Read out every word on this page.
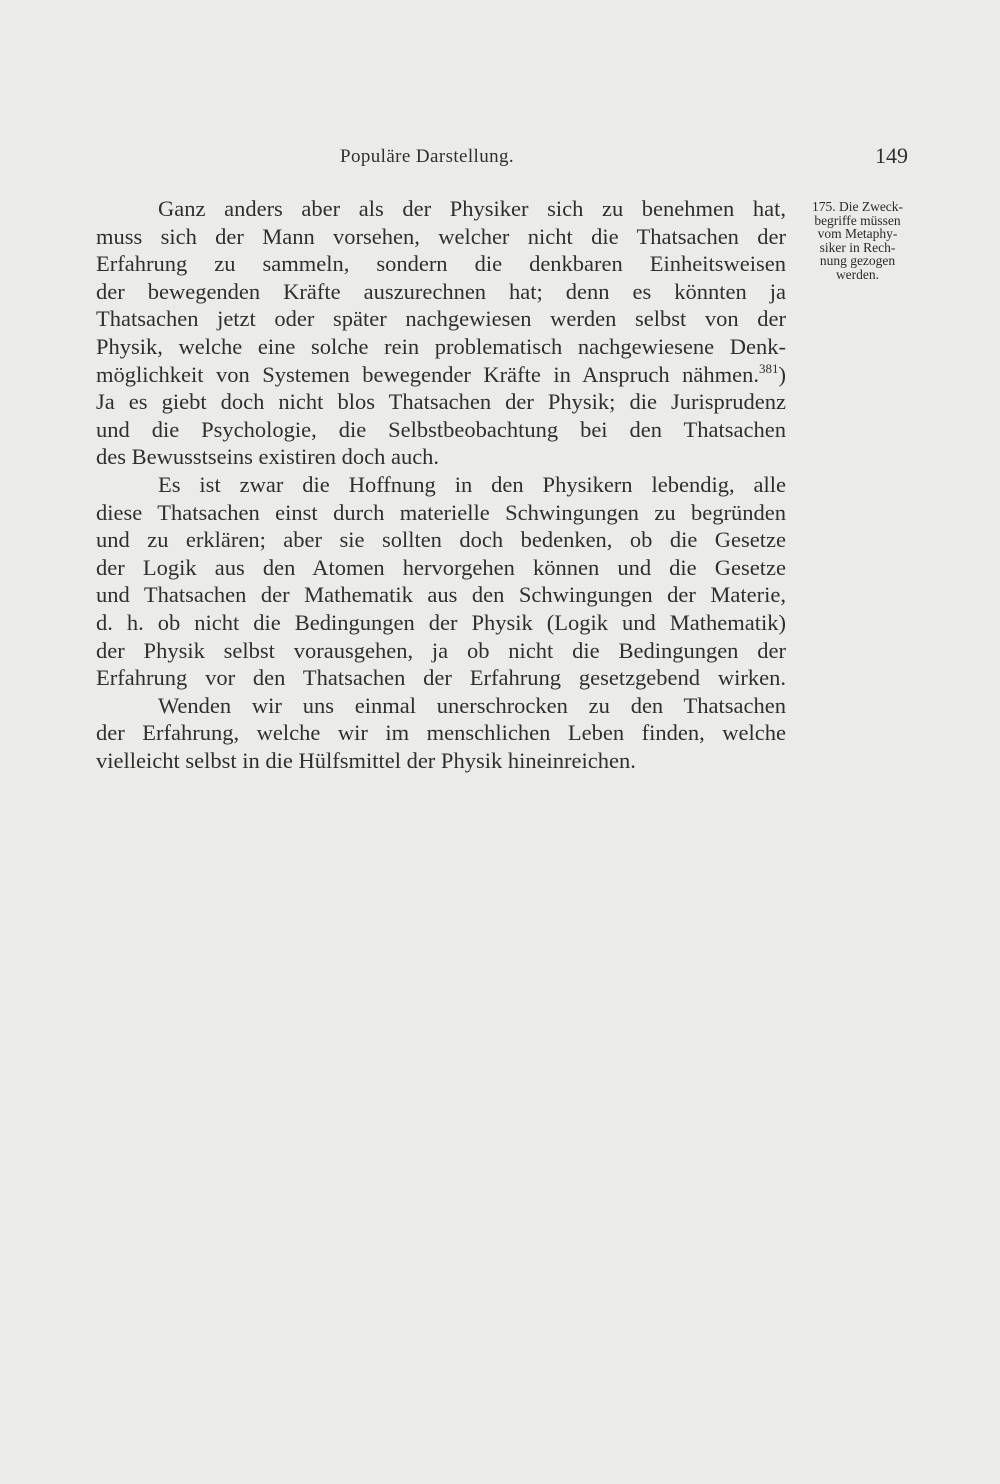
Populäre Darstellung.	149
175. Die Zweck-
begriffe müssen
vom Metaphy-
siker in Rech-
nung gezogen
werden.
Ganz anders aber als der Physiker sich zu benehmen hat,
muss sich der Mann vorsehen, welcher nicht die Thatsachen der
Erfahrung zu sammeln, sondern die denkbaren Einheitsweisen
der bewegenden Kräfte auszurechnen hat; denn es könnten ja
Thatsachen jetzt oder später nachgewiesen werden selbst von der
Physik, welche eine solche rein problematisch nachgewiesene Denk-
möglichkeit von Systemen bewegender Kräfte in Anspruch nähmen.$^{381}$)
Ja es giebt doch nicht blos Thatsachen der Physik; die Jurisprudenz
und die Psychologie, die Selbstbeobachtung bei den Thatsachen
des Bewusstseins existiren doch auch.
Es ist zwar die Hoffnung in den Physikern lebendig, alle
diese Thatsachen einst durch materielle Schwingungen zu begründen
und zu erklären; aber sie sollten doch bedenken, ob die Gesetze
der Logik aus den Atomen hervorgehen können und die Gesetze
und Thatsachen der Mathematik aus den Schwingungen der Materie,
d. h. ob nicht die Bedingungen der Physik (Logik und Mathematik)
der Physik selbst vorausgehen, ja ob nicht die Bedingungen der
Erfahrung vor den Thatsachen der Erfahrung gesetzgebend wirken.
Wenden wir uns einmal unerschrocken zu den Thatsachen
der Erfahrung, welche wir im menschlichen Leben finden, welche
vielleicht selbst in die Hülfsmittel der Physik hineinreichen.
